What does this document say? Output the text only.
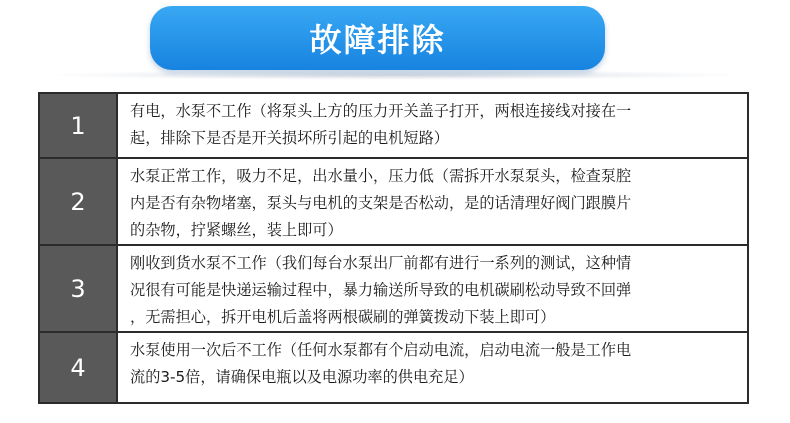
故障排除
1
有电，水泵不工作（将泵头上方的压力开关盖子打开，两根连接线对接在一
起，排除下是否是开关损坏所引起的电机短路）
2
水泵正常工作，吸力不足，出水量小，压力低（需拆开水泵泵头，检查泵腔
内是否有杂物堵塞，泵头与电机的支架是否松动，是的话清理好阀门跟膜片
的杂物，拧紧螺丝，装上即可）
3
刚收到货水泵不工作（我们每台水泵出厂前都有进行一系列的测试，这种情
况很有可能是快递运输过程中，暴力输送所导致的电机碳刷松动导致不回弹
，无需担心，拆开电机后盖将两根碳刷的弹簧拨动下装上即可）
4
水泵使用一次后不工作（任何水泵都有个启动电流，启动电流一般是工作电
流的3-5倍，请确保电瓶以及电源功率的供电充足）
